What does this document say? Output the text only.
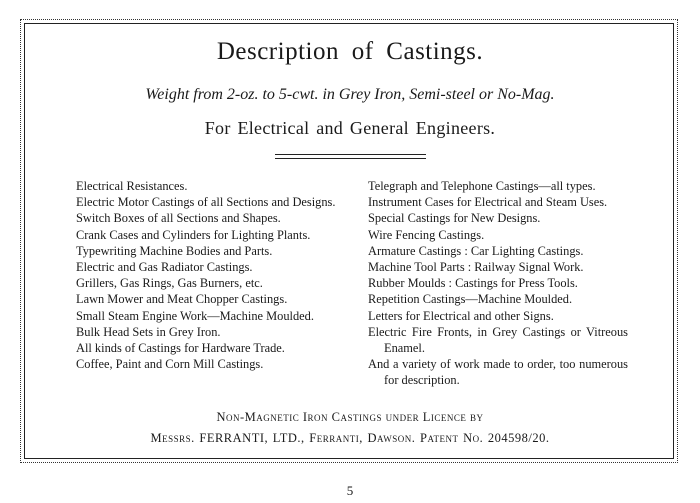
Description of Castings.
Weight from 2-oz. to 5-cwt. in Grey Iron, Semi-steel or No-Mag.
For Electrical and General Engineers.
Electrical Resistances.
Electric Motor Castings of all Sections and Designs.
Switch Boxes of all Sections and Shapes.
Crank Cases and Cylinders for Lighting Plants.
Typewriting Machine Bodies and Parts.
Electric and Gas Radiator Castings.
Grillers, Gas Rings, Gas Burners, etc.
Lawn Mower and Meat Chopper Castings.
Small Steam Engine Work—Machine Moulded.
Bulk Head Sets in Grey Iron.
All kinds of Castings for Hardware Trade.
Coffee, Paint and Corn Mill Castings.
Telegraph and Telephone Castings—all types.
Instrument Cases for Electrical and Steam Uses.
Special Castings for New Designs.
Wire Fencing Castings.
Armature Castings : Car Lighting Castings.
Machine Tool Parts : Railway Signal Work.
Rubber Moulds : Castings for Press Tools.
Repetition Castings—Machine Moulded.
Letters for Electrical and other Signs.
Electric Fire Fronts, in Grey Castings or Vitreous Enamel.
And a variety of work made to order, too numerous for description.
Non-Magnetic Iron Castings under Licence by
Messrs. FERRANTI, LTD., Ferranti, Dawson. Patent No. 204598/20.
5
